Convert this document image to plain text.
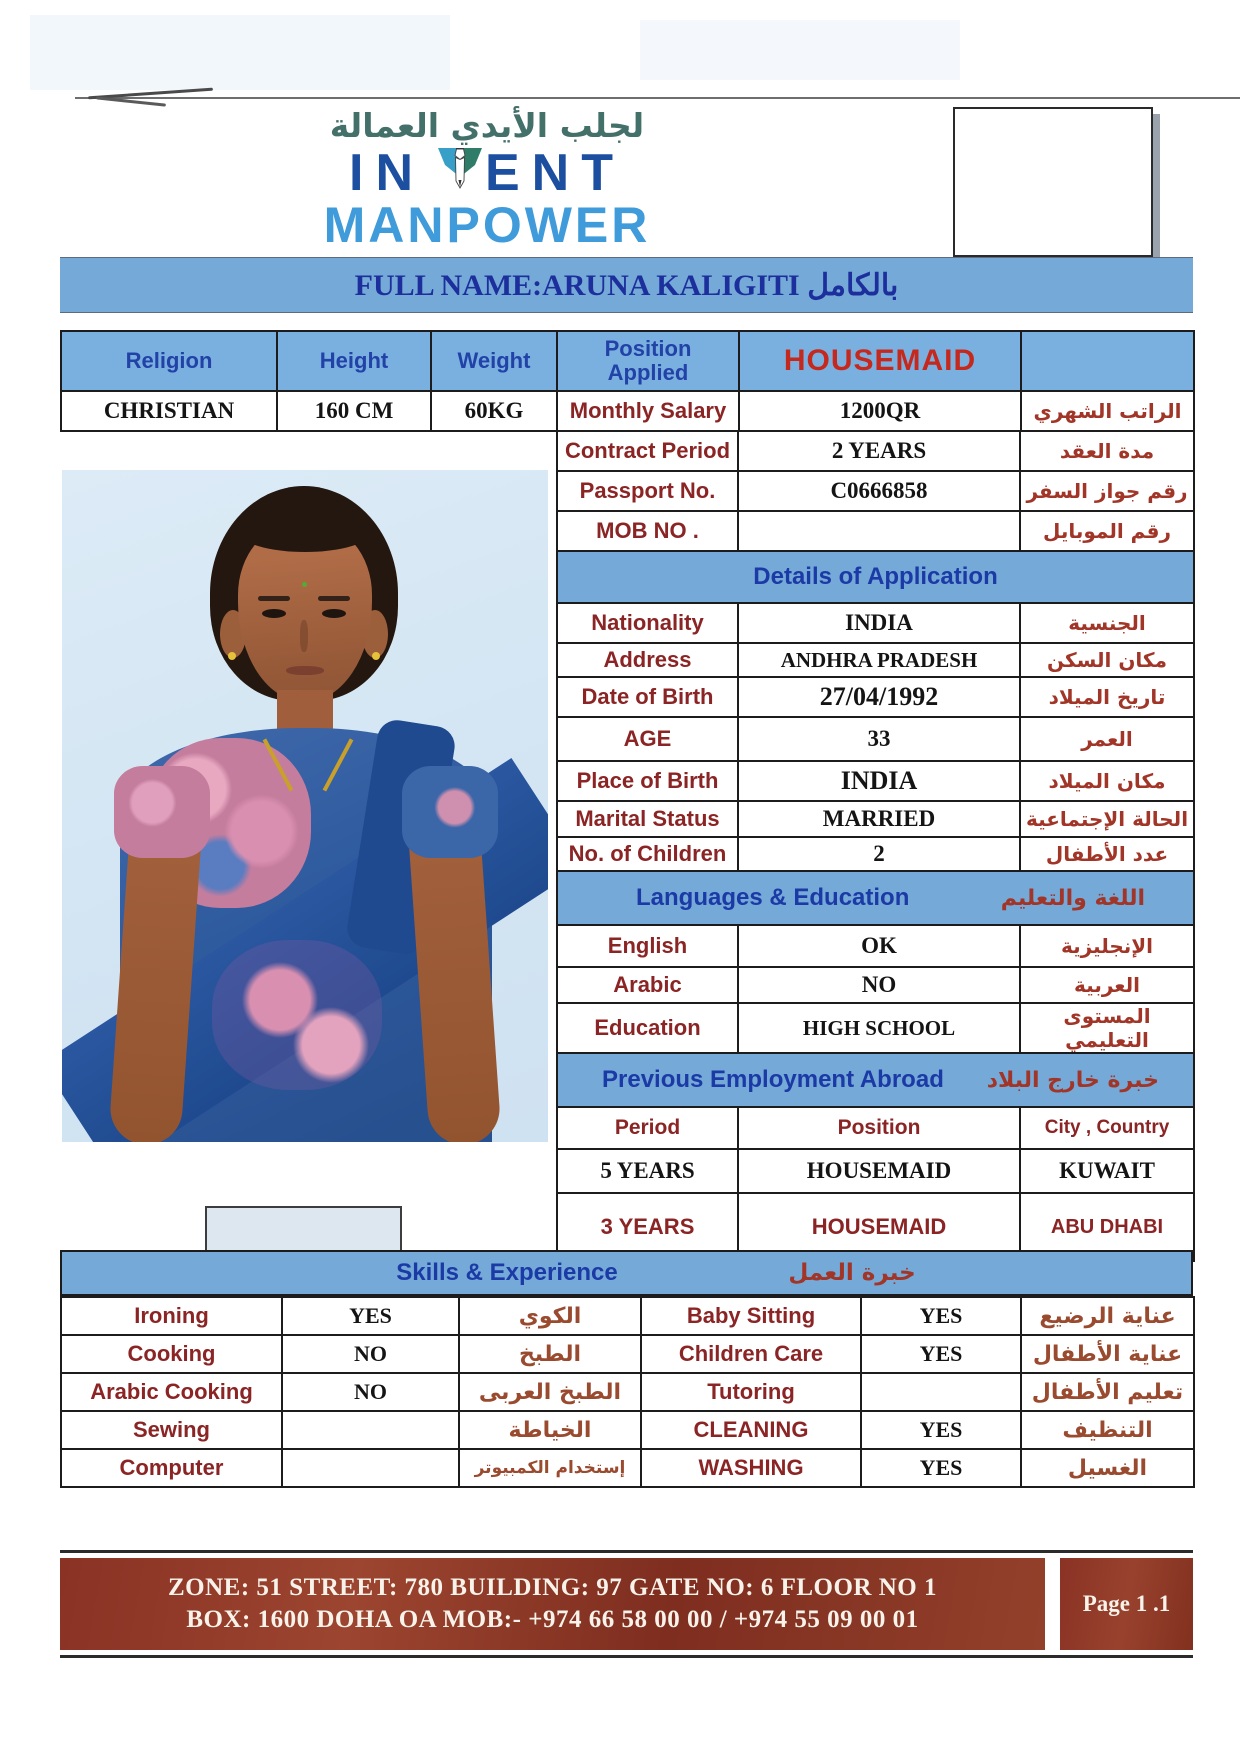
لجلب الأيدي العمالة
IN ENT
MANPOWER
FULL NAME:ARUNA KALIGITI بالكامل
Religion	Height	Weight	Position Applied	HOUSEMAID	
CHRISTIAN	160 CM	60KG	Monthly Salary	1200QR	الراتب الشهري
Contract Period	2 YEARS	مدة العقد
Passport No.	C0666858	رقم جواز السفر
MOB NO .		رقم الموبايل

Details of Application		

Nationality	INDIA	الجنسية
Address	ANDHRA PRADESH	مكان السكن
Date of Birth	27/04/1992	تاريخ الميلاد
AGE	33	العمر
Place of Birth	INDIA	مكان الميلاد
Marital Status	MARRIED	الحالة الإجتماعية
No. of Children	2	عدد الأطفال

Languages & Education اللغة والتعليم		

English	OK	الإنجليزية
Arabic	NO	العربية
Education	HIGH SCHOOL	المستوى التعليمي

Previous Employment Abroad خبرة خارج البلاد		

Period	Position	City , Country
5 YEARS	HOUSEMAID	KUWAIT
3 YEARS	HOUSEMAID	ABU DHABI
Skills & Experience	خبرة العمل
Ironing	YES	الكوي	Baby Sitting	YES	عناية الرضيع
Cooking	NO	الطبخ	Children Care	YES	عناية الأطفال
Arabic Cooking	NO	الطبخ العربى	Tutoring		تعليم الأطفال
Sewing		الخياطة	CLEANING	YES	التنظيف
Computer		إستخدام الكمبيوتر	WASHING	YES	الغسيل
ZONE: 51 STREET: 780 BUILDING: 97 GATE NO: 6 FLOOR NO 1
BOX: 1600 DOHA OA MOB:- +974 66 58 00 00 / +974 55 09 00 01
Page 1 .1
